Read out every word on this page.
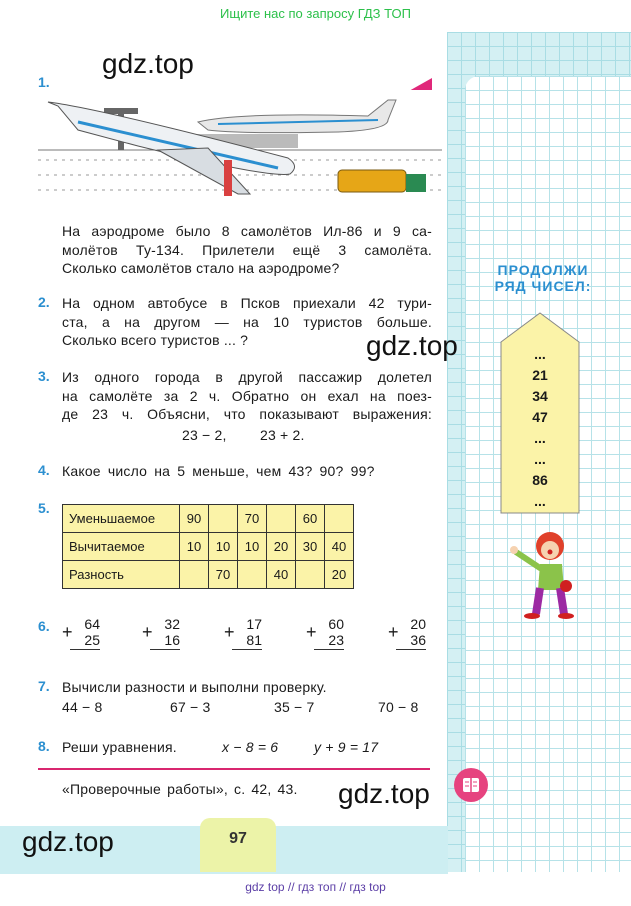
97
Ищите нас по запросу ГДЗ ТОП
gdz top // гдз топ // гдз top
gdz.top
gdz.top
gdz.top
gdz.top
1.
На аэродроме было 8 самолётов Ил-86 и 9 са-
молётов Ту-134. Прилетели ещё 3 самолёта.
Сколько самолётов стало на аэродроме?
2. На одном автобусе в Псков приехали 42 тури-
ста, а на другом — на 10 туристов больше.
Сколько всего туристов ... ?
3. Из одного города в другой пассажир долетел
на самолёте за 2 ч. Обратно он ехал на поез-
де 23 ч. Объясни, что показывают выражения:
23 − 2, 23 + 2.
4. Какое число на 5 меньше, чем 43? 90? 99?
5.
Уменьшаемое	90		70		60	
Вычитаемое	10	10	10	20	30	40
Разность		70		40		20
6. + 64
25 + 32
16 + 17
81 + 60
23 + 20
36
7. Вычисли разности и выполни проверку.
44 − 8	67 − 3	35 − 7	70 − 8
8. Реши уравнения.	x − 8 = 6	y + 9 = 17
«Проверочные работы», с. 42, 43.
ПРОДОЛЖИ
РЯД ЧИСЕЛ:
...
21
34
47
...
...
86
...
